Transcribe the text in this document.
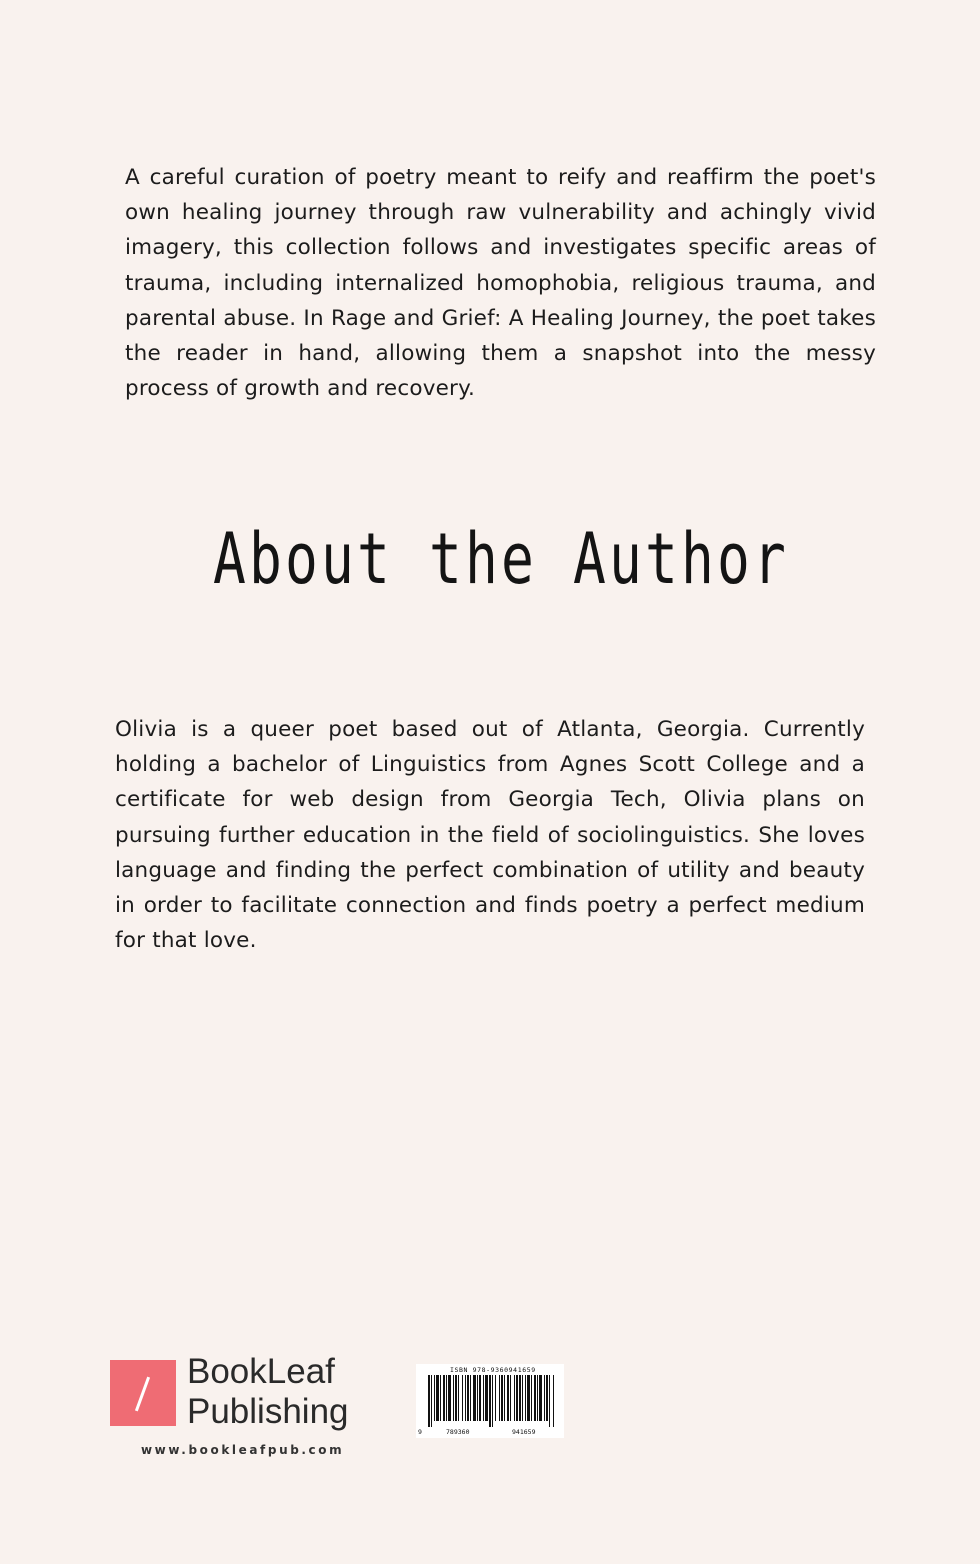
A careful curation of poetry meant to reify and reaffirm the poet's own healing journey through raw vulnerability and achingly vivid imagery, this collection follows and investigates specific areas of trauma, including internalized homophobia, religious trauma, and parental abuse. In Rage and Grief: A Healing Journey, the poet takes the reader in hand, allowing them a snapshot into the messy process of growth and recovery.

About the Author

Olivia is a queer poet based out of Atlanta, Georgia. Currently holding a bachelor of Linguistics from Agnes Scott College and a certificate for web design from Georgia Tech, Olivia plans on pursuing further education in the field of sociolinguistics. She loves language and finding the perfect combination of utility and beauty in order to facilitate connection and finds poetry a perfect medium for that love.

BookLeaf
Publishing
www.bookleafpub.com
ISBN 978-9360941659
9	789360	941659
